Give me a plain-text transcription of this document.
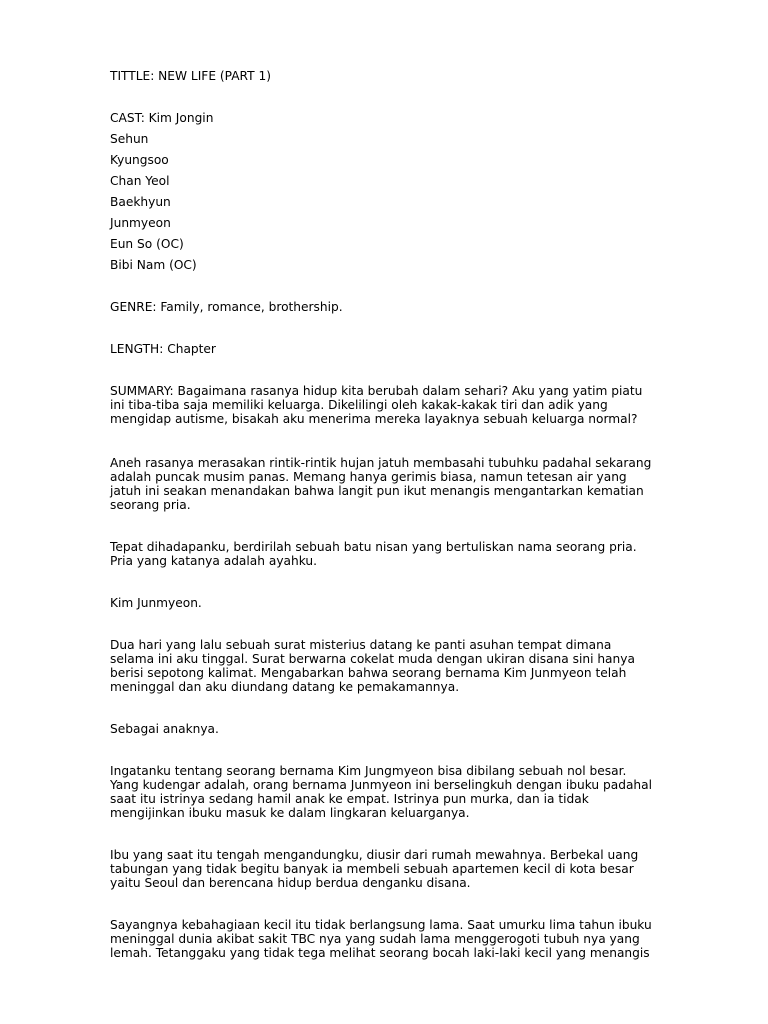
TITTLE: NEW LIFE (PART 1)
CAST: Kim Jongin
Sehun
Kyungsoo
Chan Yeol
Baekhyun
Junmyeon
Eun So (OC)
Bibi Nam (OC)
GENRE: Family, romance, brothership.
LENGTH: Chapter

SUMMARY: Bagaimana rasanya hidup kita berubah dalam sehari? Aku yang yatim piatu
ini tiba-tiba saja memiliki keluarga. Dikelilingi oleh kakak-kakak tiri dan adik yang
mengidap autisme, bisakah aku menerima mereka layaknya sebuah keluarga normal?

Aneh rasanya merasakan rintik-rintik hujan jatuh membasahi tubuhku padahal sekarang
adalah puncak musim panas. Memang hanya gerimis biasa, namun tetesan air yang
jatuh ini seakan menandakan bahwa langit pun ikut menangis mengantarkan kematian
seorang pria.

Tepat dihadapanku, berdirilah sebuah batu nisan yang bertuliskan nama seorang pria.
Pria yang katanya adalah ayahku.

Kim Junmyeon.

Dua hari yang lalu sebuah surat misterius datang ke panti asuhan tempat dimana
selama ini aku tinggal. Surat berwarna cokelat muda dengan ukiran disana sini hanya
berisi sepotong kalimat. Mengabarkan bahwa seorang bernama Kim Junmyeon telah
meninggal dan aku diundang datang ke pemakamannya.

Sebagai anaknya.

Ingatanku tentang seorang bernama Kim Jungmyeon bisa dibilang sebuah nol besar.
Yang kudengar adalah, orang bernama Junmyeon ini berselingkuh dengan ibuku padahal
saat itu istrinya sedang hamil anak ke empat. Istrinya pun murka, dan ia tidak
mengijinkan ibuku masuk ke dalam lingkaran keluarganya.

Ibu yang saat itu tengah mengandungku, diusir dari rumah mewahnya. Berbekal uang
tabungan yang tidak begitu banyak ia membeli sebuah apartemen kecil di kota besar
yaitu Seoul dan berencana hidup berdua denganku disana.

Sayangnya kebahagiaan kecil itu tidak berlangsung lama. Saat umurku lima tahun ibuku
meninggal dunia akibat sakit TBC nya yang sudah lama menggerogoti tubuh nya yang
lemah. Tetanggaku yang tidak tega melihat seorang bocah laki-laki kecil yang menangis
